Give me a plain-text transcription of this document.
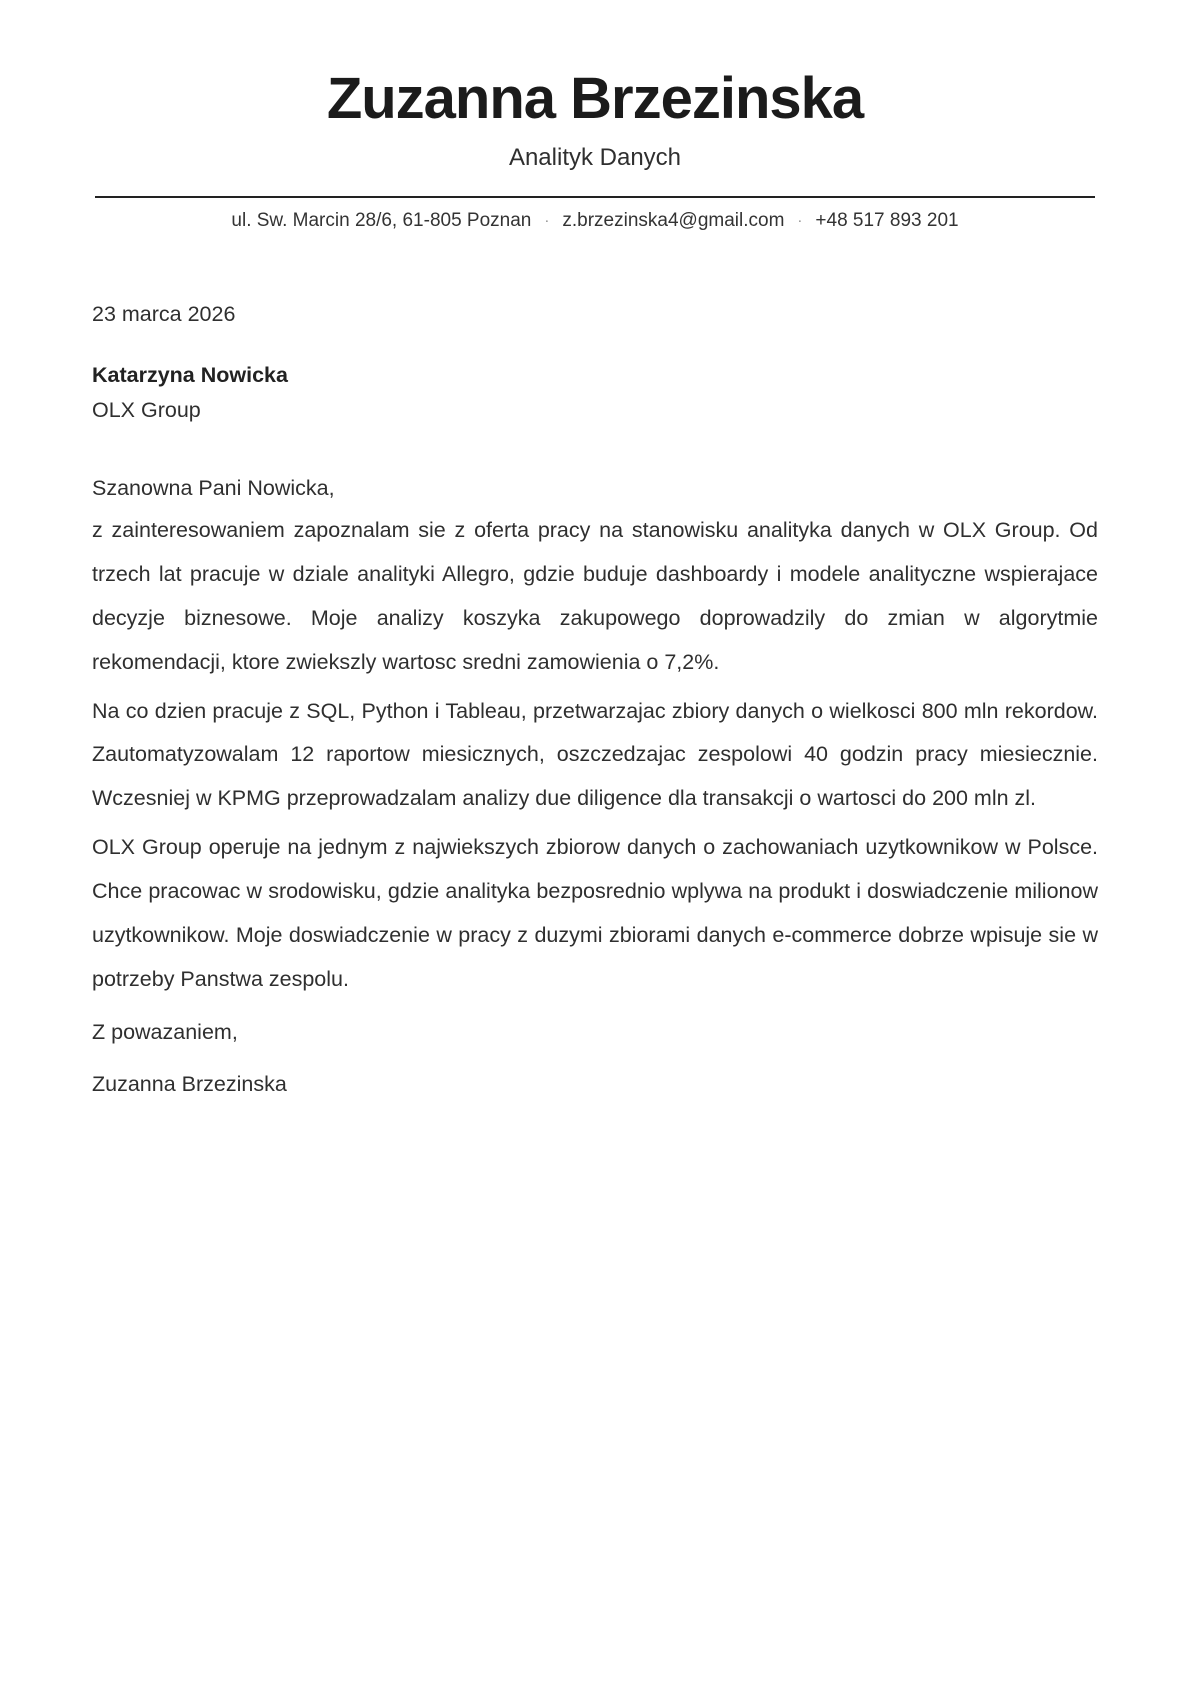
Zuzanna Brzezinska
Analityk Danych
ul. Sw. Marcin 28/6, 61-805 Poznan · z.brzezinska4@gmail.com · +48 517 893 201
23 marca 2026
Katarzyna Nowicka
OLX Group
Szanowna Pani Nowicka,

z zainteresowaniem zapoznalam sie z oferta pracy na stanowisku analityka danych w OLX Group. Od trzech lat pracuje w dziale analityki Allegro, gdzie buduje dashboardy i modele analityczne wspierajace decyzje biznesowe. Moje analizy koszyka zakupowego doprowadzily do zmian w algorytmie rekomendacji, ktore zwiekszly wartosc sredni zamowienia o 7,2%.

Na co dzien pracuje z SQL, Python i Tableau, przetwarzajac zbiory danych o wielkosci 800 mln rekordow. Zautomatyzowalam 12 raportow miesicznych, oszczedzajac zespolowi 40 godzin pracy miesiecznie. Wczesniej w KPMG przeprowadzalam analizy due diligence dla transakcji o wartosci do 200 mln zl.

OLX Group operuje na jednym z najwiekszych zbiorow danych o zachowaniach uzytkownikow w Polsce. Chce pracowac w srodowisku, gdzie analityka bezposrednio wplywa na produkt i doswiadczenie milionow uzytkownikow. Moje doswiadczenie w pracy z duzymi zbiorami danych e-commerce dobrze wpisuje sie w potrzeby Panstwa zespolu.

Z powazaniem,
Zuzanna Brzezinska
